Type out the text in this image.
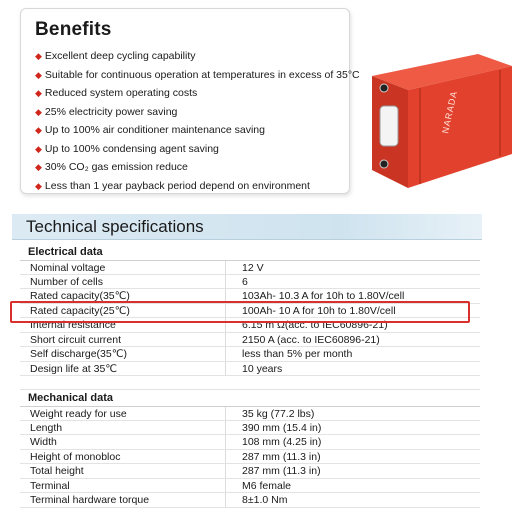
Benefits
◆ Excellent deep cycling capability
◆ Suitable for continuous operation at temperatures in excess of 35°C
◆ Reduced system operating costs
◆ 25% electricity power saving
◆ Up to 100% air conditioner maintenance saving
◆ Up to 100% condensing agent saving
◆ 30% CO₂ gas emission reduce
◆ Less than 1 year payback period depend on environment
NARADA
Technical specifications
Electrical data
Nominal voltage	12 V
Number of cells	6
Rated capacity(35℃)	103Ah- 10.3 A for 10h to 1.80V/cell
Rated capacity(25℃)	100Ah- 10 A for 10h to 1.80V/cell
Internal resistance	6.15 m Ω(acc. to IEC60896-21)
Short circuit current	2150 A (acc. to IEC60896-21)
Self discharge(35℃)	less than 5% per month
Design life at 35℃	10 years
Mechanical data
Weight ready for use	35 kg (77.2 lbs)
Length	390 mm (15.4 in)
Width	108 mm (4.25 in)
Height of monobloc	287 mm (11.3 in)
Total height	287 mm (11.3 in)
Terminal	M6 female
Terminal hardware torque	8±1.0 Nm
